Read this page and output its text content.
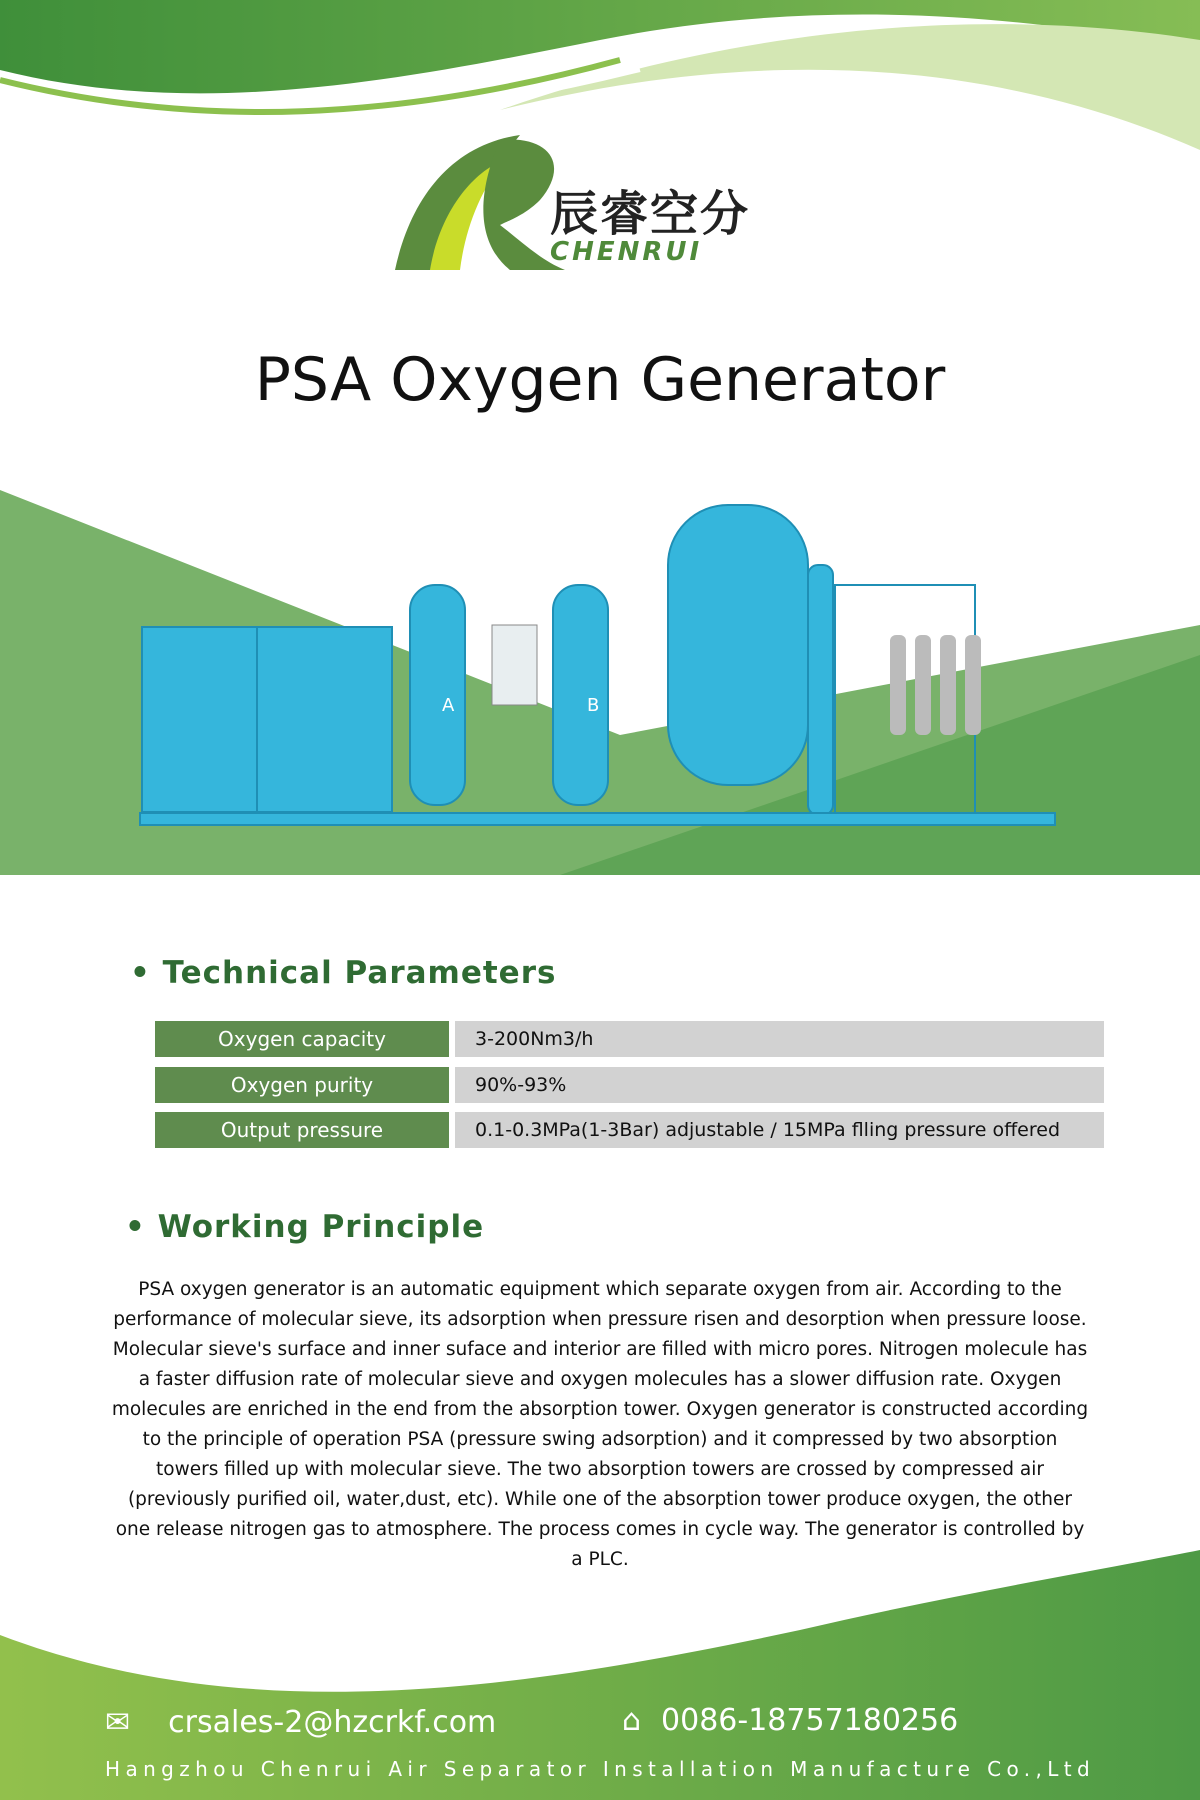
辰睿空分
CHENRUI
PSA Oxygen Generator
A	B
• Technical Parameters
Oxygen capacity	3-200Nm3/h
Oxygen purity	90%-93%
Output pressure	0.1-0.3MPa(1-3Bar) adjustable / 15MPa flling pressure offered
• Working Principle
PSA oxygen generator is an automatic equipment which separate oxygen from air. According to the performance of molecular sieve, its adsorption when pressure risen and desorption when pressure loose. Molecular sieve's surface and inner suface and interior are filled with micro pores. Nitrogen molecule has a faster diffusion rate of molecular sieve and oxygen molecules has a slower diffusion rate. Oxygen molecules are enriched in the end from the absorption tower. Oxygen generator is constructed according to the principle of operation PSA (pressure swing adsorption) and it compressed by two absorption towers filled up with molecular sieve. The two absorption towers are crossed by compressed air (previously purified oil, water,dust, etc). While one of the absorption tower produce oxygen, the other one release nitrogen gas to atmosphere. The process comes in cycle way. The generator is controlled by a PLC.
✉ crsales-2@hzcrkf.com	⌂ 0086-18757180256
Hangzhou Chenrui Air Separator Installation Manufacture Co.,Ltd
